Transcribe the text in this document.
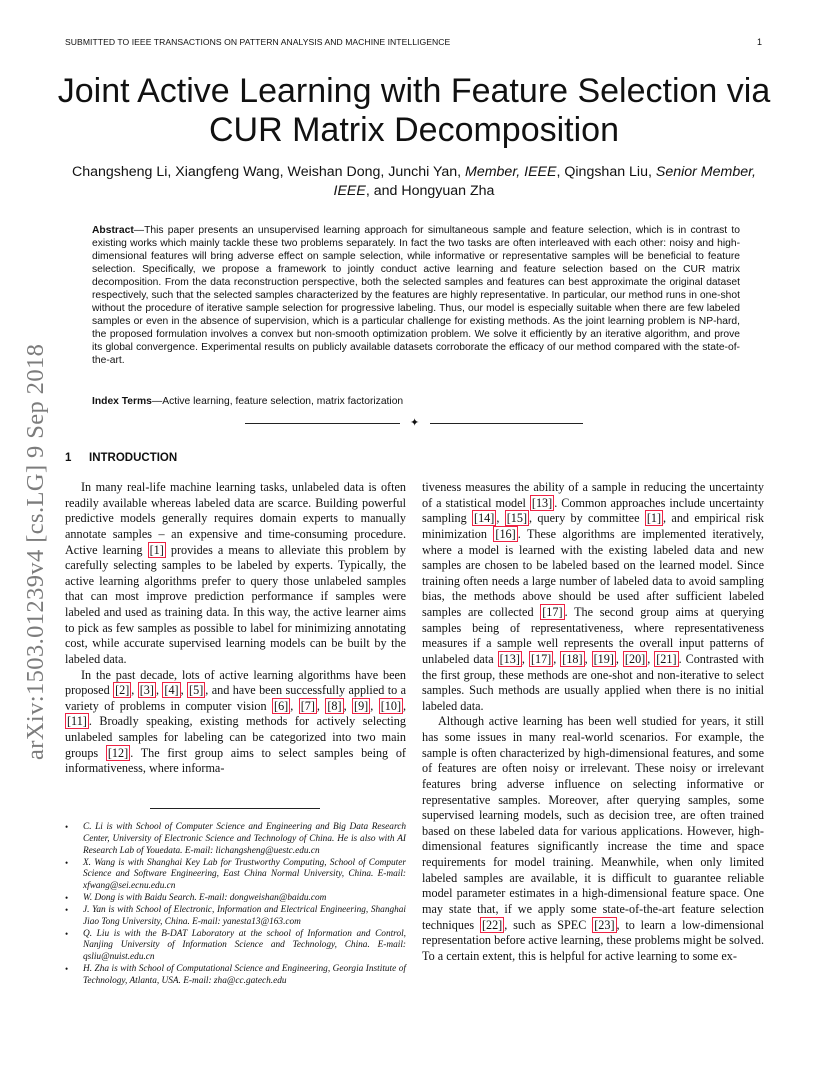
SUBMITTED TO IEEE TRANSACTIONS ON PATTERN ANALYSIS AND MACHINE INTELLIGENCE	1
Joint Active Learning with Feature Selection via
CUR Matrix Decomposition
Changsheng Li, Xiangfeng Wang, Weishan Dong, Junchi Yan, Member, IEEE, Qingshan Liu, Senior Member, IEEE, and Hongyuan Zha
Abstract—This paper presents an unsupervised learning approach for simultaneous sample and feature selection, which is in contrast to existing works which mainly tackle these two problems separately. In fact the two tasks are often interleaved with each other: noisy and high-dimensional features will bring adverse effect on sample selection, while informative or representative samples will be beneficial to feature selection. Specifically, we propose a framework to jointly conduct active learning and feature selection based on the CUR matrix decomposition. From the data reconstruction perspective, both the selected samples and features can best approximate the original dataset respectively, such that the selected samples characterized by the features are highly representative. In particular, our method runs in one-shot without the procedure of iterative sample selection for progressive labeling. Thus, our model is especially suitable when there are few labeled samples or even in the absence of supervision, which is a particular challenge for existing methods. As the joint learning problem is NP-hard, the proposed formulation involves a convex but non-smooth optimization problem. We solve it efficiently by an iterative algorithm, and prove its global convergence. Experimental results on publicly available datasets corroborate the efficacy of our method compared with the state-of-the-art.
Index Terms—Active learning, feature selection, matrix factorization
✦
arXiv:1503.01239v4 [cs.LG] 9 Sep 2018 1 INTRODUCTION

In many real-life machine learning tasks, unlabeled data is often readily available whereas labeled data are scarce. Building powerful predictive models generally requires domain experts to manually annotate samples – an expensive and time-consuming procedure. Active learning [1] provides a means to alleviate this problem by carefully selecting samples to be labeled by experts. Typically, the active learning algorithms prefer to query those unlabeled samples that can most improve prediction performance if samples were labeled and used as training data. In this way, the active learner aims to pick as few samples as possible to label for minimizing annotating cost, while accurate supervised learning models can be built by the labeled data.

In the past decade, lots of active learning algorithms have been proposed [2] , [3] , [4] , [5] , and have been successfully applied to a variety of problems in computer vision [6] , [7] , [8] , [9] , [10] , [11] . Broadly speaking, existing methods for actively selecting unlabeled samples for labeling can be categorized into two main groups [12] . The first group aims to select samples being of informativeness, where informa-

• C. Li is with School of Computer Science and Engineering and Big Data Research Center, University of Electronic Science and Technology of China. He is also with AI Research Lab of Youedata. E-mail: lichangsheng@uestc.edu.cn
• X. Wang is with Shanghai Key Lab for Trustworthy Computing, School of Computer Science and Software Engineering, East China Normal University, China. E-mail: xfwang@sei.ecnu.edu.cn
• W. Dong is with Baidu Search. E-mail: dongweishan@baidu.com
• J. Yan is with School of Electronic, Information and Electrical Engineering, Shanghai Jiao Tong University, China. E-mail: yanesta13@163.com
• Q. Liu is with the B-DAT Laboratory at the school of Information and Control, Nanjing University of Information Science and Technology, China. E-mail: qsliu@nuist.edu.cn
• H. Zha is with School of Computational Science and Engineering, Georgia Institute of Technology, Atlanta, USA. E-mail: zha@cc.gatech.edu

tiveness measures the ability of a sample in reducing the uncertainty of a statistical model [13] . Common approaches include uncertainty sampling [14] , [15] , query by committee [1] , and empirical risk minimization [16] . These algorithms are implemented iteratively, where a model is learned with the existing labeled data and new samples are chosen to be labeled based on the learned model. Since training often needs a large number of labeled data to avoid sampling bias, the methods above should be used after sufficient labeled samples are collected [17] . The second group aims at querying samples being of representativeness, where representativeness measures if a sample well represents the overall input patterns of unlabeled data [13] , [17] , [18] , [19] , [20] , [21] . Contrasted with the first group, these methods are one-shot and non-iterative to select samples. Such methods are usually applied when there is no initial labeled data.

Although active learning has been well studied for years, it still has some issues in many real-world scenarios. For example, the sample is often characterized by high-dimensional features, and some of features are often noisy or irrelevant. These noisy or irrelevant features bring adverse influence on selecting informative or representative samples. Moreover, after querying samples, some supervised learning models, such as decision tree, are often trained based on these labeled data for various applications. However, high-dimensional features significantly increase the time and space requirements for model training. Meanwhile, when only limited labeled samples are available, it is difficult to guarantee reliable model parameter estimates in a high-dimensional feature space. One may state that, if we apply some state-of-the-art feature selection techniques [22] , such as SPEC [23] , to learn a low-dimensional representation before active learning, these problems might be solved. To a certain extent, this is helpful for active learning to some ex-
